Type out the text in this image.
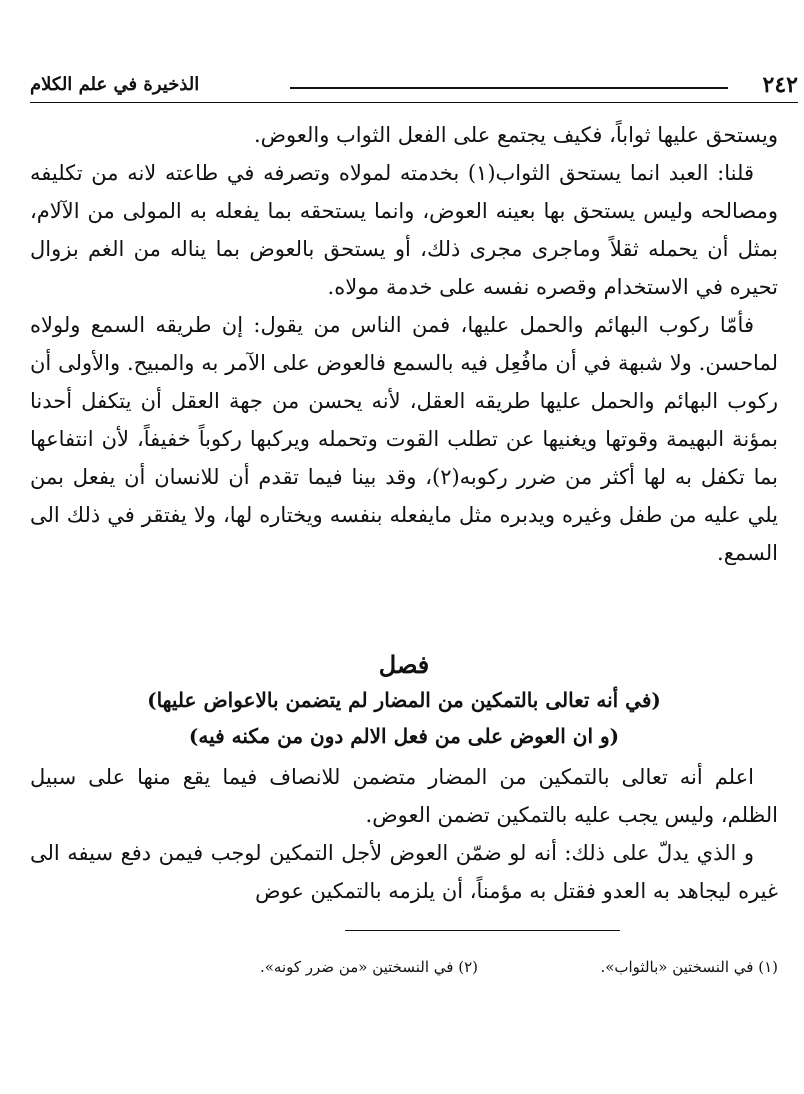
٢٤٢
الذخيرة في علم الكلام

ويستحق عليها ثواباً، فكيف يجتمع على الفعل الثواب والعوض.

قلنا: العبد انما يستحق الثواب(١) بخدمته لمولاه وتصرفه في طاعته لانه من تكليفه ومصالحه وليس يستحق بها بعينه العوض، وانما يستحقه بما يفعله به المولى من الآلام، بمثل أن يحمله ثقلاً وماجرى مجرى ذلك، أو يستحق بالعوض بما يناله من الغم بزوال تحيره في الاستخدام وقصره نفسه على خدمة مولاه.

فأمّا ركوب البهائم والحمل عليها، فمن الناس من يقول: إن طريقه السمع ولولاه لماحسن. ولا شبهة في أن مافُعِل فيه بالسمع فالعوض على الآمر به والمبيح. والأولى أن ركوب البهائم والحمل عليها طريقه العقل، لأنه يحسن من جهة العقل أن يتكفل أحدنا بمؤنة البهيمة وقوتها ويغنيها عن تطلب القوت وتحمله ويركبها ركوباً خفيفاً، لأن انتفاعها بما تكفل به لها أكثر من ضرر ركوبه(٢)، وقد بينا فيما تقدم أن للانسان أن يفعل بمن يلي عليه من طفل وغيره ويدبره مثل مايفعله بنفسه ويختاره لها، ولا يفتقر في ذلك الى السمع.

فصل
(في أنه تعالى بالتمكين من المضار لم يتضمن بالاعواض عليها)
(و ان العوض على من فعل الالم دون من مكنه فيه)

اعلم أنه تعالى بالتمكين من المضار متضمن للانصاف فيما يقع منها على سبيل الظلم، وليس يجب عليه بالتمكين تضمن العوض.

و الذي يدلّ على ذلك: أنه لو ضمّن العوض لأجل التمكين لوجب فيمن دفع سيفه الى غيره ليجاهد به العدو فقتل به مؤمناً، أن يلزمه بالتمكين عوض

(١) في النسختين «بالثواب».
(٢) في النسختين «من ضرر كونه».
